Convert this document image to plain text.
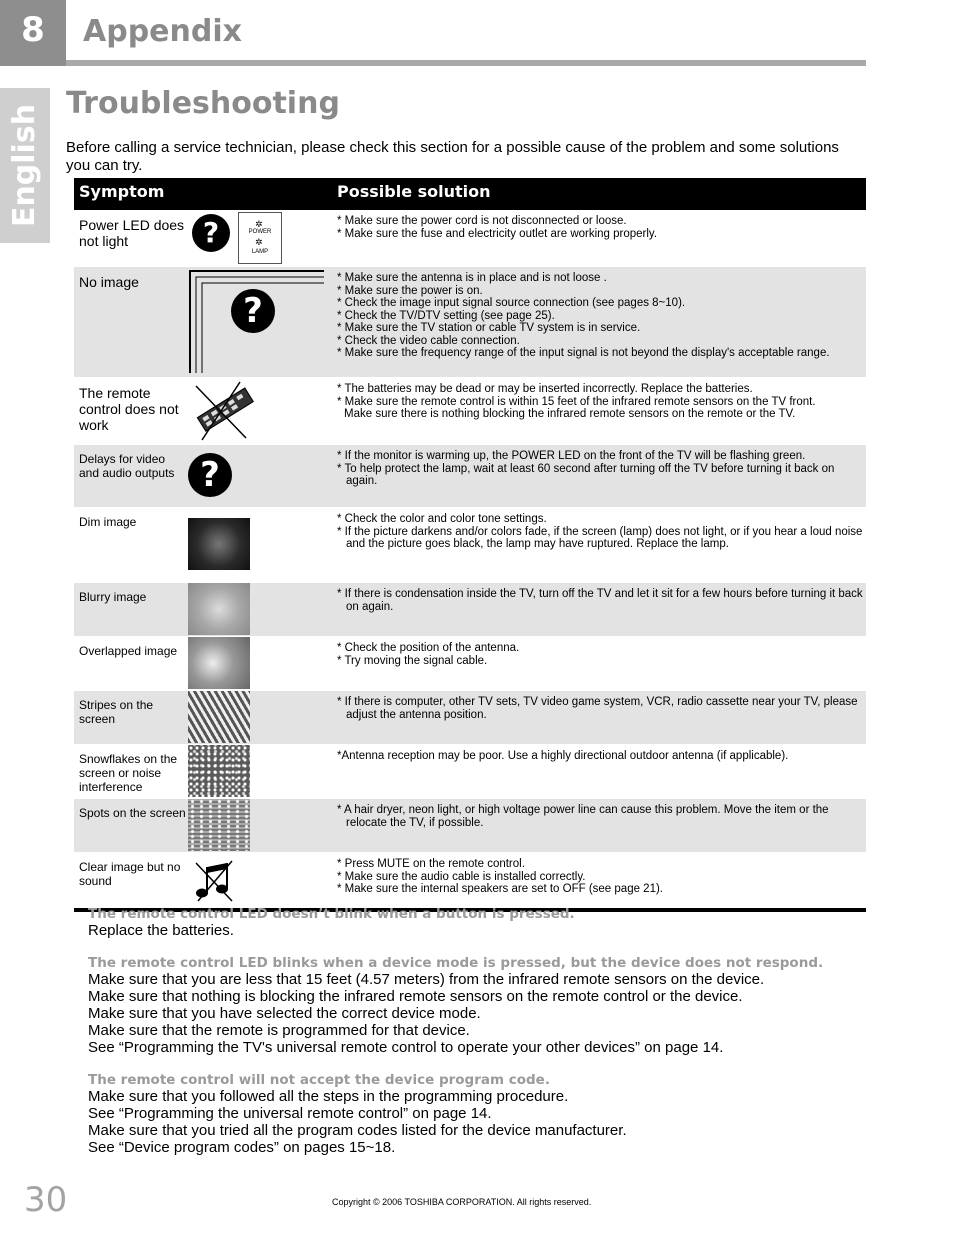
8	Appendix
English
Troubleshooting
Before calling a service technician, please check this section for a possible cause of the problem and some solutions you can try.
Symptom	Possible solution
Power LED does not light	?	✲
POWER
✲
LAMP
* Make sure the power cord is not disconnected or loose.
* Make sure the fuse and electricity outlet are working properly.
No image
?
* Make sure the antenna is in place and is not loose .
* Make sure the power is on.
* Check the image input signal source connection (see pages 8~10).
* Check the TV/DTV setting (see page 25).
* Make sure the TV station or cable TV system is in service.
* Check the video cable connection.
* Make sure the frequency range of the input signal is not beyond the display's acceptable range.
The remote control does not work
* The batteries may be dead or may be inserted incorrectly. Replace the batteries.
* Make sure the remote control is within 15 feet of the infrared remote sensors on the TV front.
Make sure there is nothing blocking the infrared remote sensors on the remote or the TV.
Delays for video and audio outputs ?	* If the monitor is warming up, the POWER LED on the front of the TV will be flashing green.
* To help protect the lamp, wait at least 60 second after turning off the TV before turning it back on again.
Dim image	* Check the color and color tone settings.
* If the picture darkens and/or colors fade, if the screen (lamp) does not light, or if you hear a loud noise and the picture goes black, the lamp may have ruptured. Replace the lamp.
Blurry image	* If there is condensation inside the TV, turn off the TV and let it sit for a few hours before turning it back on again.
Overlapped image	* Check the position of the antenna.
* Try moving the signal cable.
Stripes on the screen
* If there is computer, other TV sets, TV video game system, VCR, radio cassette near your TV, please adjust the antenna position.
Snowflakes on the screen or noise interference
*Antenna reception may be poor. Use a highly directional outdoor antenna (if applicable).
Spots on the screen	* A hair dryer, neon light, or high voltage power line can cause this problem. Move the item or the relocate the TV, if possible.
Clear image but no sound
* Press MUTE on the remote control.
* Make sure the audio cable is installed correctly.
* Make sure the internal speakers are set to OFF (see page 21).
The remote control LED doesn’t blink when a button is pressed.
Replace the batteries.
The remote control LED blinks when a device mode is pressed, but the device does not respond.
Make sure that you are less that 15 feet (4.57 meters) from the infrared remote sensors on the device.
Make sure that nothing is blocking the infrared remote sensors on the remote control or the device.
Make sure that you have selected the correct device mode.
Make sure that the remote is programmed for that device.
See “Programming the TV's universal remote control to operate your other devices” on page 14.
The remote control will not accept the device program code.
Make sure that you followed all the steps in the programming procedure.
See “Programming the universal remote control” on page 14.
Make sure that you tried all the program codes listed for the device manufacturer.
See “Device program codes” on pages 15~18.
30	Copyright © 2006 TOSHIBA CORPORATION. All rights reserved.
